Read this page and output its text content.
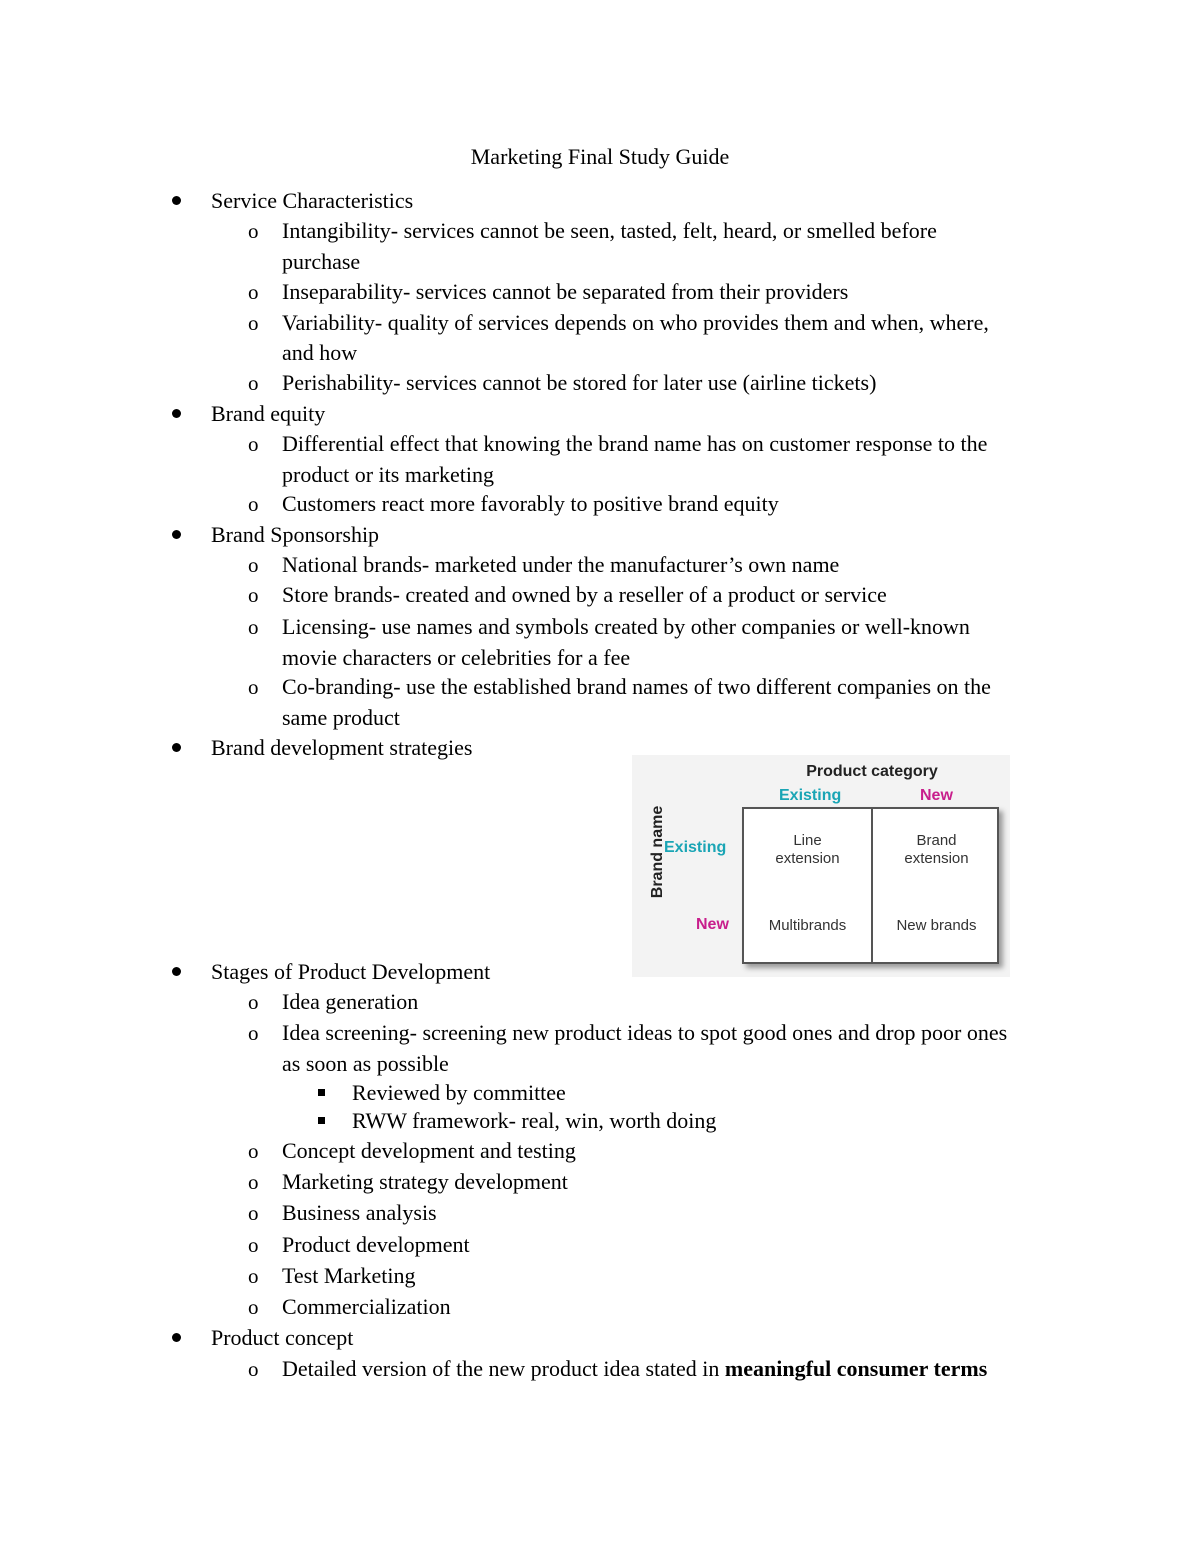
Marketing Final Study Guide
Service Characteristics
o Intangibility- services cannot be seen, tasted, felt, heard, or smelled before
purchase
o Inseparability- services cannot be separated from their providers
o Variability- quality of services depends on who provides them and when, where,
and how
o Perishability- services cannot be stored for later use (airline tickets)
Brand equity
o Differential effect that knowing the brand name has on customer response to the
product or its marketing
o Customers react more favorably to positive brand equity
Brand Sponsorship
o National brands- marketed under the manufacturer’s own name
o Store brands- created and owned by a reseller of a product or service
o Licensing- use names and symbols created by other companies or well-known
movie characters or celebrities for a fee
o Co-branding- use the established brand names of two different companies on the
same product
Brand development strategies
Product category
Existing	New
Brand name
Existing
New
Line
extension
Brand
extension
Multibrands	New brands
Stages of Product Development
o Idea generation
o Idea screening- screening new product ideas to spot good ones and drop poor ones
as soon as possible
Reviewed by committee
RWW framework- real, win, worth doing
o Concept development and testing
o Marketing strategy development
o Business analysis
o Product development
o Test Marketing
o Commercialization
Product concept
o Detailed version of the new product idea stated in meaningful consumer terms
